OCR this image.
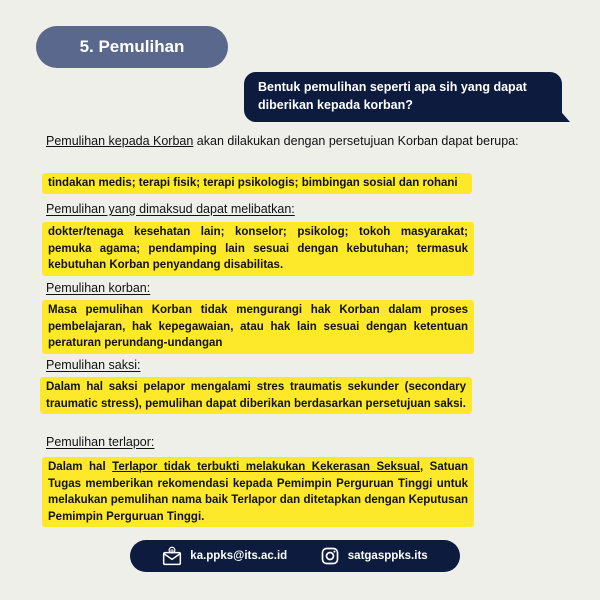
5. Pemulihan
Bentuk pemulihan seperti apa sih yang dapat diberikan kepada korban?
Pemulihan kepada Korban akan dilakukan dengan persetujuan Korban dapat berupa:
tindakan medis; terapi fisik; terapi psikologis; bimbingan sosial dan rohani
Pemulihan yang dimaksud dapat melibatkan:
dokter/tenaga kesehatan lain; konselor; psikolog; tokoh masyarakat; pemuka agama; pendamping lain sesuai dengan kebutuhan; termasuk kebutuhan Korban penyandang disabilitas.
Pemulihan korban:
Masa pemulihan Korban tidak mengurangi hak Korban dalam proses pembelajaran, hak kepegawaian, atau hak lain sesuai dengan ketentuan peraturan perundang-undangan
Pemulihan saksi:
Dalam hal saksi pelapor mengalami stres traumatis sekunder (secondary traumatic stress), pemulihan dapat diberikan berdasarkan persetujuan saksi.
Pemulihan terlapor:
Dalam hal Terlapor tidak terbukti melakukan Kekerasan Seksual, Satuan Tugas memberikan rekomendasi kepada Pemimpin Perguruan Tinggi untuk melakukan pemulihan nama baik Terlapor dan ditetapkan dengan Keputusan Pemimpin Perguruan Tinggi.
@ ka.ppks@its.ac.id	satgasppks.its
